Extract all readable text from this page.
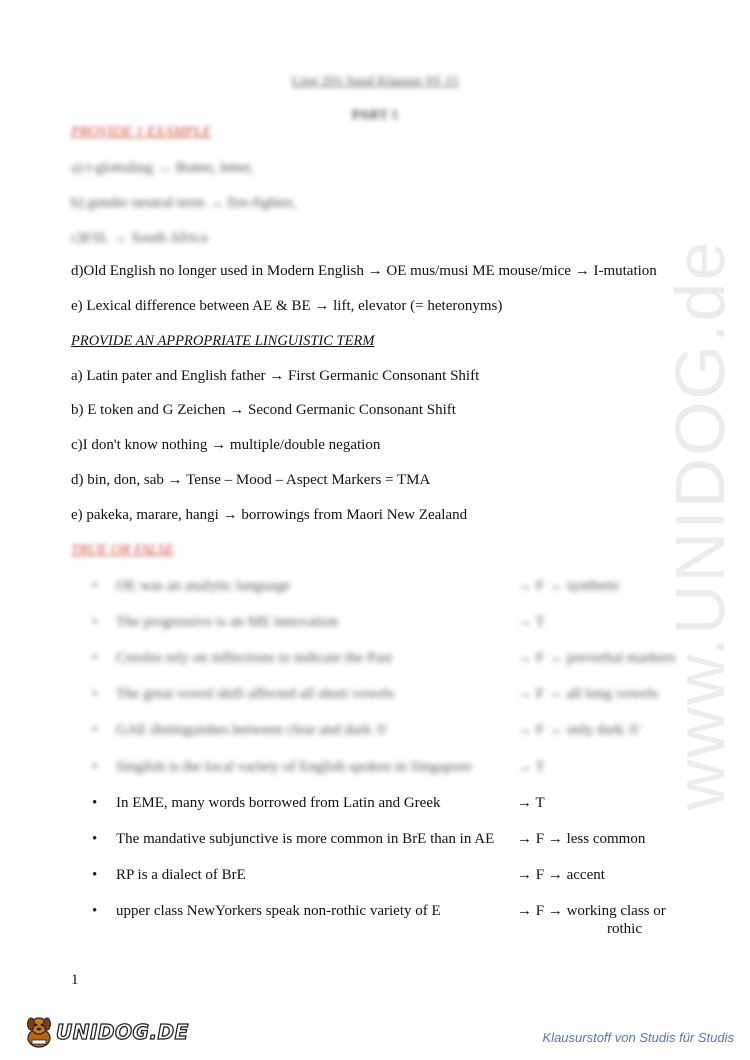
www.UNIDOG.de
Ling 201 Sand Klausur SS 15
PART 1
PROVIDE 1 EXAMPLE
a) t-glottaling → Butter, letter,
b) gender neutral term → fire-fighter,
c)ESL → South Africa
d)Old English no longer used in Modern English → OE mus/musi ME mouse/mice → I-mutation
e) Lexical difference between AE & BE → lift, elevator (= heteronyms)
PROVIDE AN APPROPRIATE LINGUISTIC TERM
a) Latin pater and English father → First Germanic Consonant Shift
b) E token and G Zeichen → Second Germanic Consonant Shift
c)I don't know nothing → multiple/double negation
d) bin, don, sab → Tense – Mood – Aspect Markers = TMA
e) pakeka, marare, hangi → borrowings from Maori New Zealand
TRUE OR FALSE
• OE was an analytic language	→ F → synthetic
• The progressive is an ME innovation	→ T
• Creoles rely on inflections to indicate the Past	→ F → preverbal markers
• The great vowel shift affected all short vowels	→ F → all long vowels
• GAE distinguishes between clear and dark /l/	→ F → only dark /l/
• Singlish is the local variety of English spoken in Singapore	→ T
• In EME, many words borrowed from Latin and Greek	→ T
• The mandative subjunctive is more common in BrE than in AE → F → less common
• RP is a dialect of BrE	→ F → accent
• upper class NewYorkers speak non-rothic variety of E	→ F → working class or
rothic
1
UNIDOG.DE	Klausurstoff von Studis für Studis
